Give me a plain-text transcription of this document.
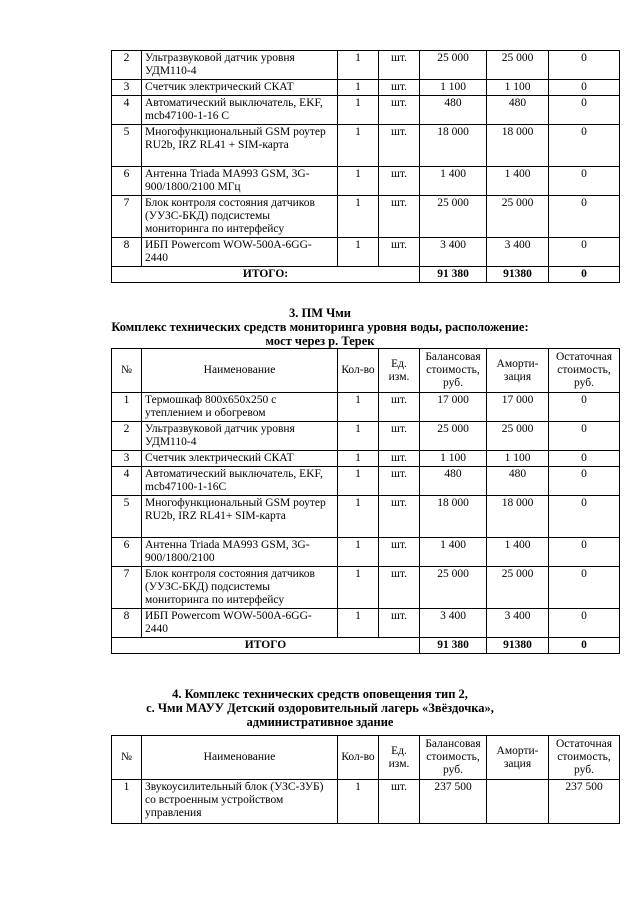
2	Ультразвуковой датчик уровня УДМ110-4	1	шт.	25 000	25 000	0
3	Счетчик электрический СКАТ	1	шт.	1 100	1 100	0
4	Автоматический выключатель, EKF, mcb47100-1-16 С	1	шт.	480	480	0
5	Многофункциональный GSM роутер RU2b, IRZ RL41 + SIM-карта	1	шт.	18 000	18 000	0
6	Антенна Triada MA993 GSM, 3G-900/1800/2100 МГц	1	шт.	1 400	1 400	0
7	Блок контроля состояния датчиков (УУЗС-БКД) подсистемы мониторинга по интерфейсу	1	шт.	25 000	25 000	0
8	ИБП Powercom WOW-500A-6GG-2440	1	шт.	3 400	3 400	0
ИТОГО:				91 380	91380	0
3. ПМ Чми
Комплекс технических средств мониторинга уровня воды, расположение:
мост через р. Терек
№	Наименование	Кол-во	Ед. изм.	Балансовая стоимость, руб.	Аморти-зация	Остаточная стоимость, руб.
1	Термошкаф 800x650x250 с утеплением и обогревом	1	шт.	17 000	17 000	0
2	Ультразвуковой датчик уровня УДМ110-4	1	шт.	25 000	25 000	0
3	Счетчик электрический СКАТ	1	шт.	1 100	1 100	0
4	Автоматический выключатель, EKF, mcb47100-1-16C	1	шт.	480	480	0
5	Многофункциональный GSM роутер RU2b, IRZ RL41+ SIM-карта	1	шт.	18 000	18 000	0
6	Антенна Triada MA993 GSM, 3G-900/1800/2100	1	шт.	1 400	1 400	0
7	Блок контроля состояния датчиков (УУЗС-БКД) подсистемы мониторинга по интерфейсу	1	шт.	25 000	25 000	0
8	ИБП Powercom WOW-500A-6GG-2440	1	шт.	3 400	3 400	0
ИТОГО				91 380	91380	0
4. Комплекс технических средств оповещения тип 2,
с. Чми МАУУ Детский оздоровительный лагерь «Звёздочка»,
административное здание
№	Наименование	Кол-во	Ед. изм.	Балансовая стоимость, руб.	Аморти-зация	Остаточная стоимость, руб.
1	Звукоусилительный блок (УЗС-ЗУБ) со встроенным устройством управления	1	шт.	237 500		237 500
